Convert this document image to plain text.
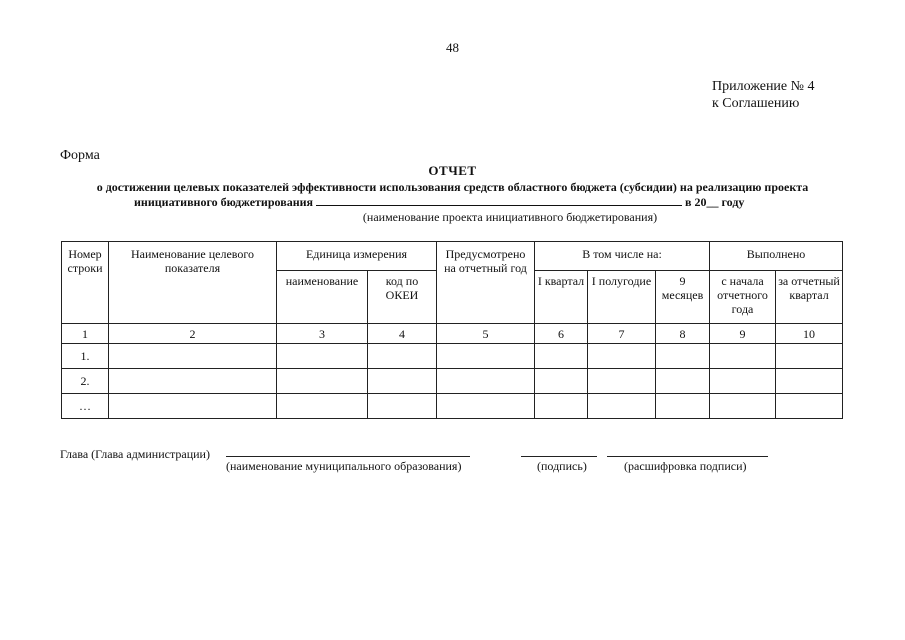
48
Приложение № 4
к Соглашению
Форма
ОТЧЕТ
о достижении целевых показателей эффективности использования средств областного бюджета (субсидии) на реализацию проекта
инициативного бюджетирования	в 20__ году
(наименование проекта инициативного бюджетирования)
Номер строки	Наименование целевого показателя	Единица измерения		Предусмотрено на отчетный год	В том числе на:			Выполнено	
		наименование	код по ОКЕИ		I квартал	I полугодие	9 месяцев	с начала отчетного года	за отчетный квартал
1	2	3	4	5	6	7	8	9	10
1.									
2.									
…									
Глава (Глава администрации)
(наименование муниципального образования)	(подпись)	(расшифровка подписи)
